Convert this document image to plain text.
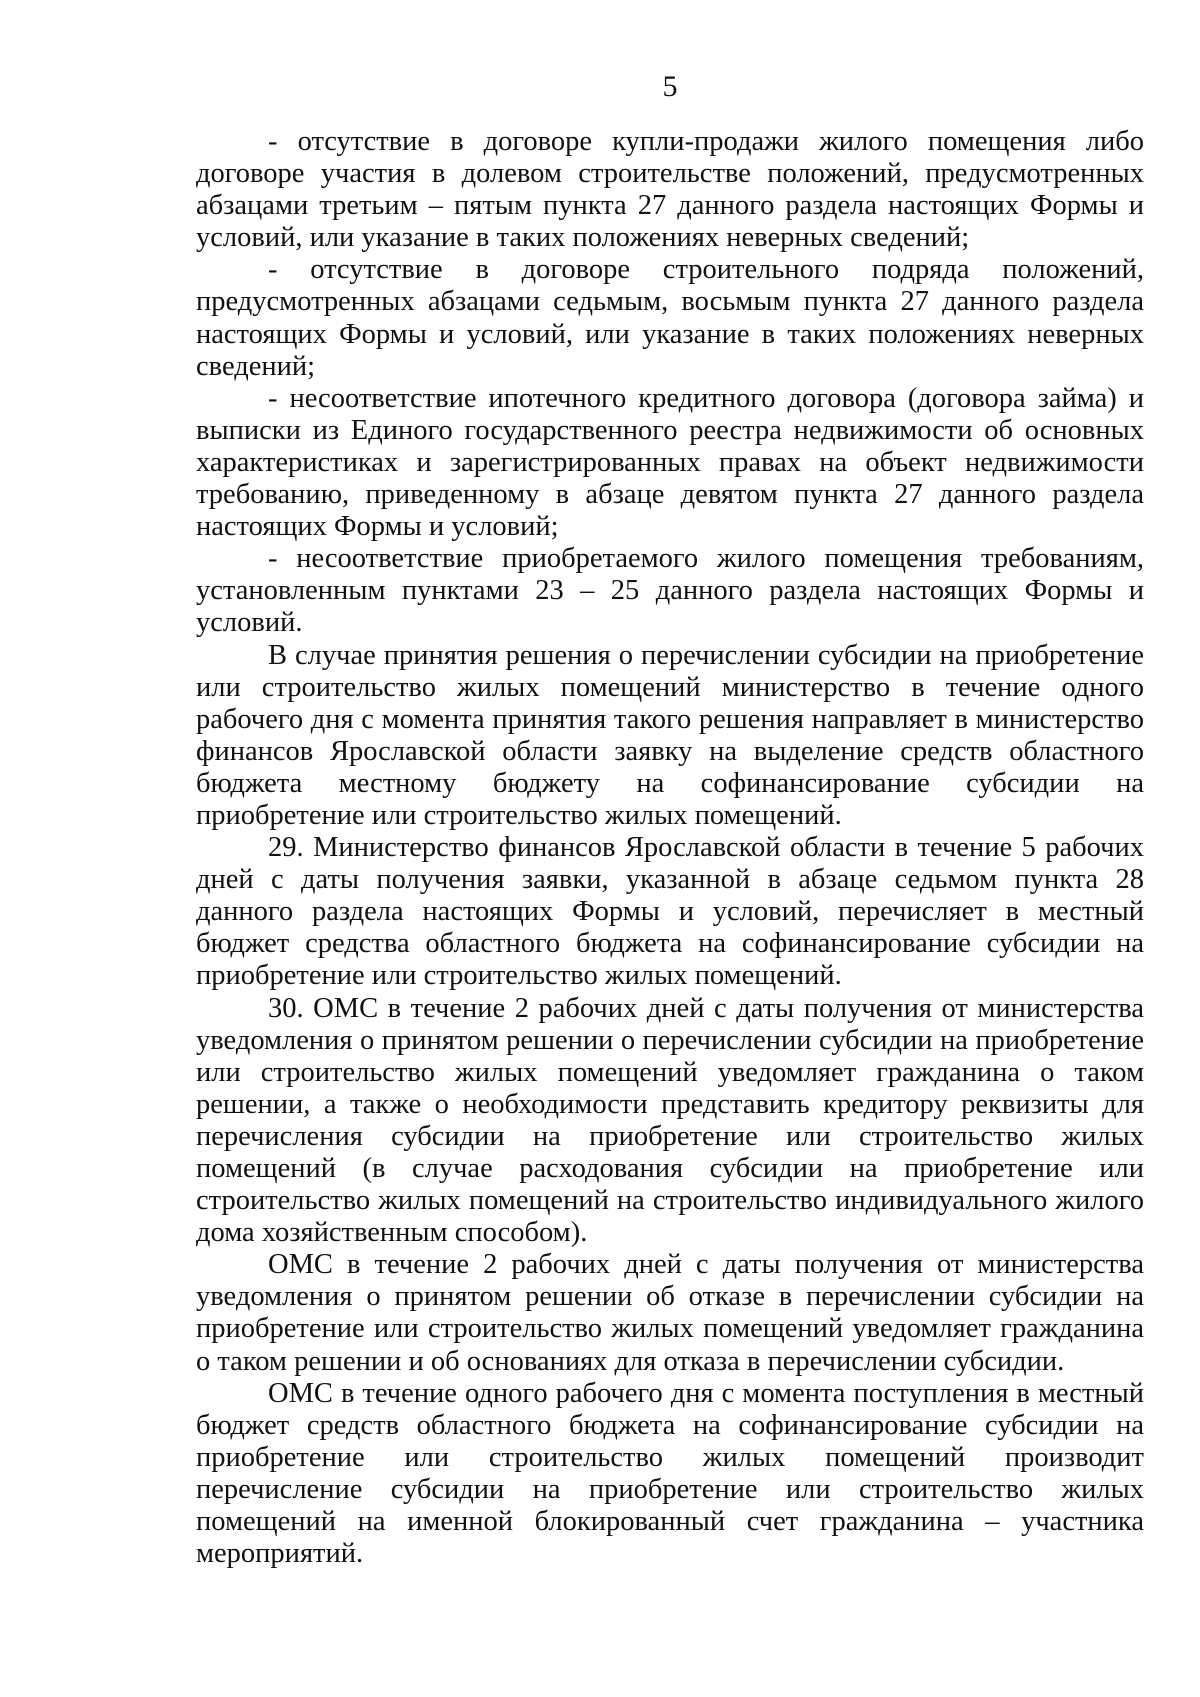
5

- отсутствие в договоре купли-продажи жилого помещения либо договоре участия в долевом строительстве положений, предусмотренных абзацами третьим – пятым пункта 27 данного раздела настоящих Формы и условий, или указание в таких положениях неверных сведений;

- отсутствие в договоре строительного подряда положений, предусмотренных абзацами седьмым, восьмым пункта 27 данного раздела настоящих Формы и условий, или указание в таких положениях неверных сведений;

- несоответствие ипотечного кредитного договора (договора займа) и выписки из Единого государственного реестра недвижимости об основных характеристиках и зарегистрированных правах на объект недвижимости требованию, приведенному в абзаце девятом пункта 27 данного раздела настоящих Формы и условий;

- несоответствие приобретаемого жилого помещения требованиям, установленным пунктами 23 – 25 данного раздела настоящих Формы и условий.

В случае принятия решения о перечислении субсидии на приобретение или строительство жилых помещений министерство в течение одного рабочего дня с момента принятия такого решения направляет в министерство финансов Ярославской области заявку на выделение средств областного бюджета местному бюджету на софинансирование субсидии на приобретение или строительство жилых помещений.

29. Министерство финансов Ярославской области в течение 5 рабочих дней с даты получения заявки, указанной в абзаце седьмом пункта 28 данного раздела настоящих Формы и условий, перечисляет в местный бюджет средства областного бюджета на софинансирование субсидии на приобретение или строительство жилых помещений.

30. ОМС в течение 2 рабочих дней с даты получения от министерства уведомления о принятом решении о перечислении субсидии на приобретение или строительство жилых помещений уведомляет гражданина о таком решении, а также о необходимости представить кредитору реквизиты для перечисления субсидии на приобретение или строительство жилых помещений (в случае расходования субсидии на приобретение или строительство жилых помещений на строительство индивидуального жилого дома хозяйственным способом).

ОМС в течение 2 рабочих дней с даты получения от министерства уведомления о принятом решении об отказе в перечислении субсидии на приобретение или строительство жилых помещений уведомляет гражданина о таком решении и об основаниях для отказа в перечислении субсидии.

ОМС в течение одного рабочего дня с момента поступления в местный бюджет средств областного бюджета на софинансирование субсидии на приобретение или строительство жилых помещений производит перечисление субсидии на приобретение или строительство жилых помещений на именной блокированный счет гражданина – участника мероприятий.
